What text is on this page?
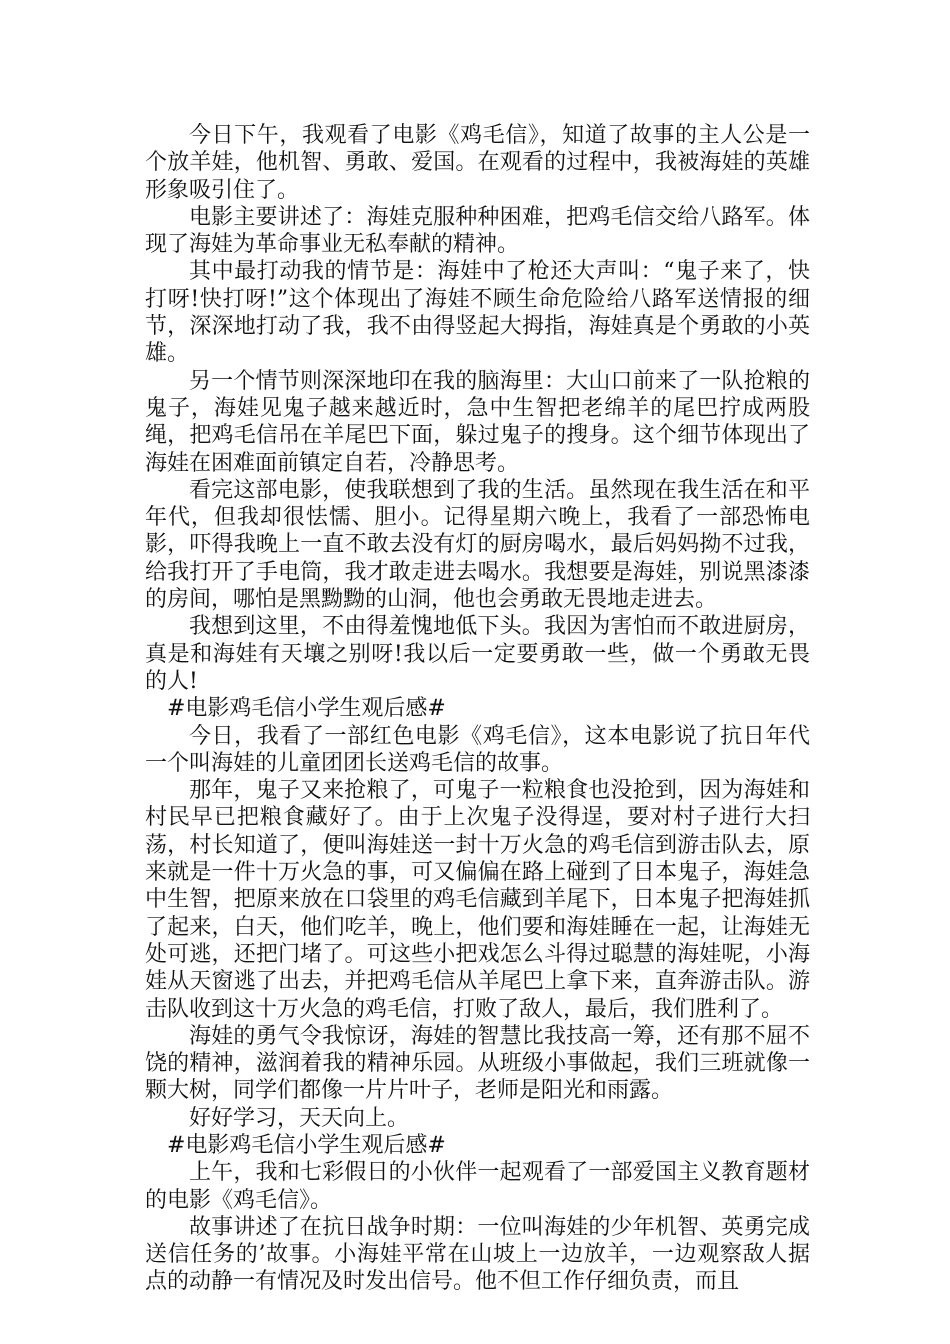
今日下午，我观看了电影《鸡毛信》，知道了故事的主人公是一个放羊娃，他机智、勇敢、爱国。在观看的过程中，我被海娃的英雄形象吸引住了。

电影主要讲述了：海娃克服种种困难，把鸡毛信交给八路军。体现了海娃为革命事业无私奉献的精神。

其中最打动我的情节是：海娃中了枪还大声叫：“鬼子来了，快打呀!快打呀!”这个体现出了海娃不顾生命危险给八路军送情报的细节，深深地打动了我，我不由得竖起大拇指，海娃真是个勇敢的小英雄。

另一个情节则深深地印在我的脑海里：大山口前来了一队抢粮的鬼子，海娃见鬼子越来越近时，急中生智把老绵羊的尾巴拧成两股绳，把鸡毛信吊在羊尾巴下面，躲过鬼子的搜身。这个细节体现出了海娃在困难面前镇定自若，冷静思考。

看完这部电影，使我联想到了我的生活。虽然现在我生活在和平年代，但我却很怯懦、胆小。记得星期六晚上，我看了一部恐怖电影，吓得我晚上一直不敢去没有灯的厨房喝水，最后妈妈拗不过我，给我打开了手电筒，我才敢走进去喝水。我想要是海娃，别说黑漆漆的房间，哪怕是黑黝黝的山洞，他也会勇敢无畏地走进去。

我想到这里，不由得羞愧地低下头。我因为害怕而不敢进厨房，真是和海娃有天壤之别呀!我以后一定要勇敢一些，做一个勇敢无畏的人!

#电影鸡毛信小学生观后感#

今日，我看了一部红色电影《鸡毛信》，这本电影说了抗日年代一个叫海娃的儿童团团长送鸡毛信的故事。

那年，鬼子又来抢粮了，可鬼子一粒粮食也没抢到，因为海娃和村民早已把粮食藏好了。由于上次鬼子没得逞，要对村子进行大扫荡，村长知道了，便叫海娃送一封十万火急的鸡毛信到游击队去，原来就是一件十万火急的事，可又偏偏在路上碰到了日本鬼子，海娃急中生智，把原来放在口袋里的鸡毛信藏到羊尾下，日本鬼子把海娃抓了起来，白天，他们吃羊，晚上，他们要和海娃睡在一起，让海娃无处可逃，还把门堵了。可这些小把戏怎么斗得过聪慧的海娃呢，小海娃从天窗逃了出去，并把鸡毛信从羊尾巴上拿下来，直奔游击队。游击队收到这十万火急的鸡毛信，打败了敌人，最后，我们胜利了。

海娃的勇气令我惊讶，海娃的智慧比我技高一筹，还有那不屈不饶的精神，滋润着我的精神乐园。从班级小事做起，我们三班就像一颗大树，同学们都像一片片叶子，老师是阳光和雨露。

好好学习，天天向上。

#电影鸡毛信小学生观后感#

上午，我和七彩假日的小伙伴一起观看了一部爱国主义教育题材的电影《鸡毛信》。

故事讲述了在抗日战争时期：一位叫海娃的少年机智、英勇完成送信任务的’故事。小海娃平常在山坡上一边放羊，一边观察敌人据点的动静一有情况及时发出信号。他不但工作仔细负责，而且
